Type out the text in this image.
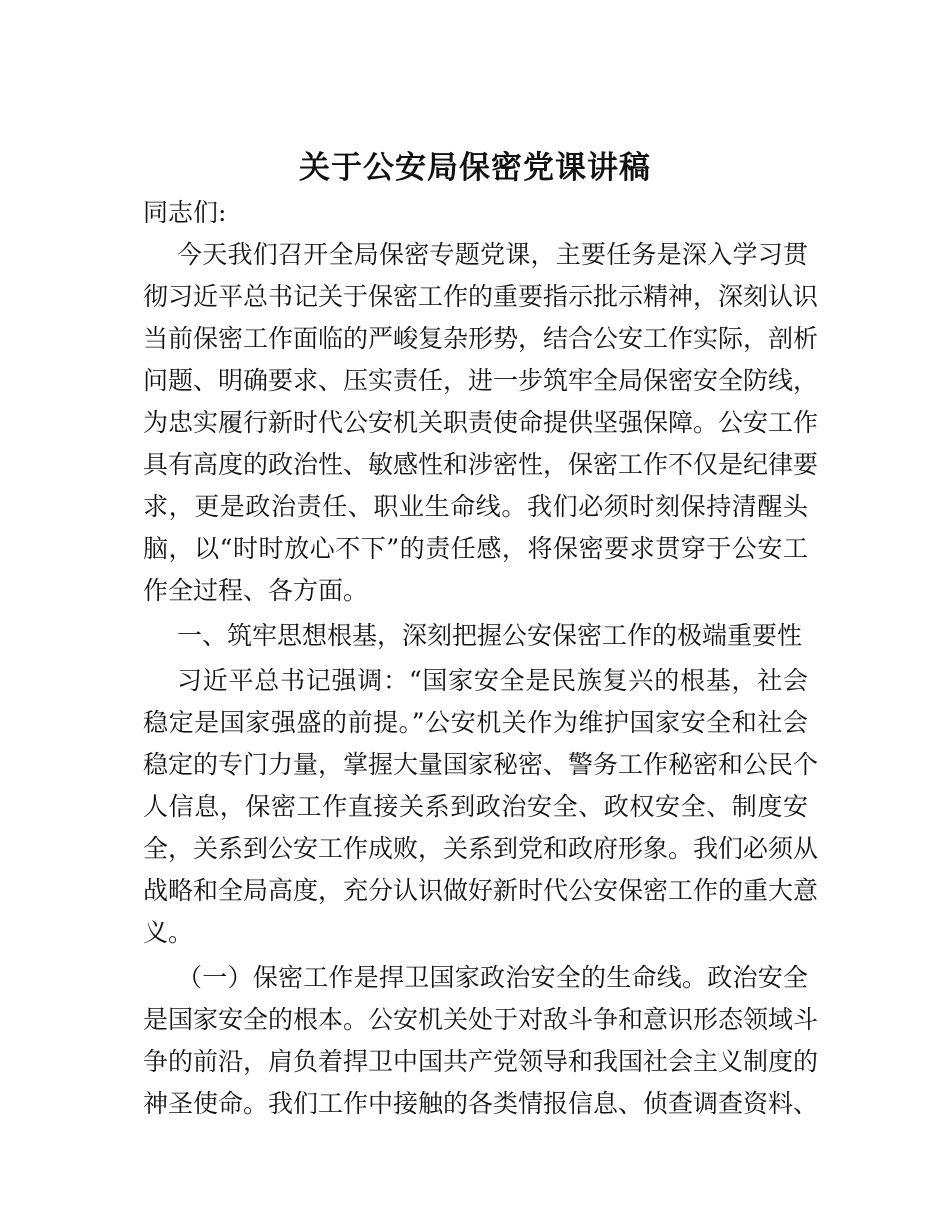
关于公安局保密党课讲稿
同志们:
今天我们召开全局保密专题党课，主要任务是深入学习贯
彻习近平总书记关于保密工作的重要指示批示精神，深刻认识
当前保密工作面临的严峻复杂形势，结合公安工作实际，剖析
问题、明确要求、压实责任，进一步筑牢全局保密安全防线，
为忠实履行新时代公安机关职责使命提供坚强保障。公安工作
具有高度的政治性、敏感性和涉密性，保密工作不仅是纪律要
求，更是政治责任、职业生命线。我们必须时刻保持清醒头
脑，以“时时放心不下”的责任感，将保密要求贯穿于公安工
作全过程、各方面。
一、筑牢思想根基，深刻把握公安保密工作的极端重要性
习近平总书记强调：“国家安全是民族复兴的根基，社会
稳定是国家强盛的前提。”公安机关作为维护国家安全和社会
稳定的专门力量，掌握大量国家秘密、警务工作秘密和公民个
人信息，保密工作直接关系到政治安全、政权安全、制度安
全，关系到公安工作成败，关系到党和政府形象。我们必须从
战略和全局高度，充分认识做好新时代公安保密工作的重大意
义。
（一）保密工作是捍卫国家政治安全的生命线。政治安全
是国家安全的根本。公安机关处于对敌斗争和意识形态领域斗
争的前沿，肩负着捍卫中国共产党领导和我国社会主义制度的
神圣使命。我们工作中接触的各类情报信息、侦查调查资料、
